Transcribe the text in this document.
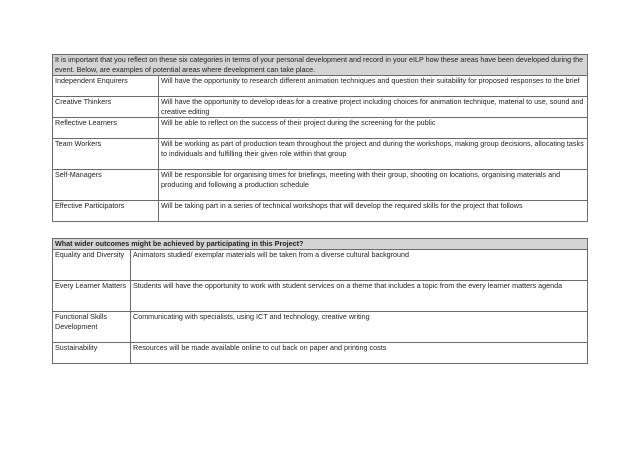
It is important that you reflect on these six categories in terms of your personal development and record in your eILP how these areas have been developed during the event. Below, are examples of potential areas where development can take place.	
Independent Enquirers	Will have the opportunity to research different animation techniques and question their suitability for proposed responses to the brief
Creative Thinkers	Will have the opportunity to develop ideas for a creative project including choices for animation technique, material to use, sound and creative editing
Reflective Learners	Will be able to reflect on the success of their project during the screening for the public
Team Workers	Will be working as part of production team throughout the project and during the workshops, making group decisions, allocating tasks to individuals and fulfilling their given role within that group
Self-Managers	Will be responsible for organising times for briefings, meeting with their group, shooting on locations, organising materials and producing and following a production schedule
Effective Participators	Will be taking part in a series of technical workshops that will develop the required skills for the project that follows
What wider outcomes might be achieved by participating in this Project?	
Equality and Diversity	Animators studied/ exemplar materials will be taken from a diverse cultural background
Every Learner Matters	Students will have the opportunity to work with student services on a theme that includes a topic from the every learner matters agenda
Functional Skills Development	Communicating with specialists, using ICT and technology, creative writing
Sustainability	Resources will be made available online to cut back on paper and printing costs
